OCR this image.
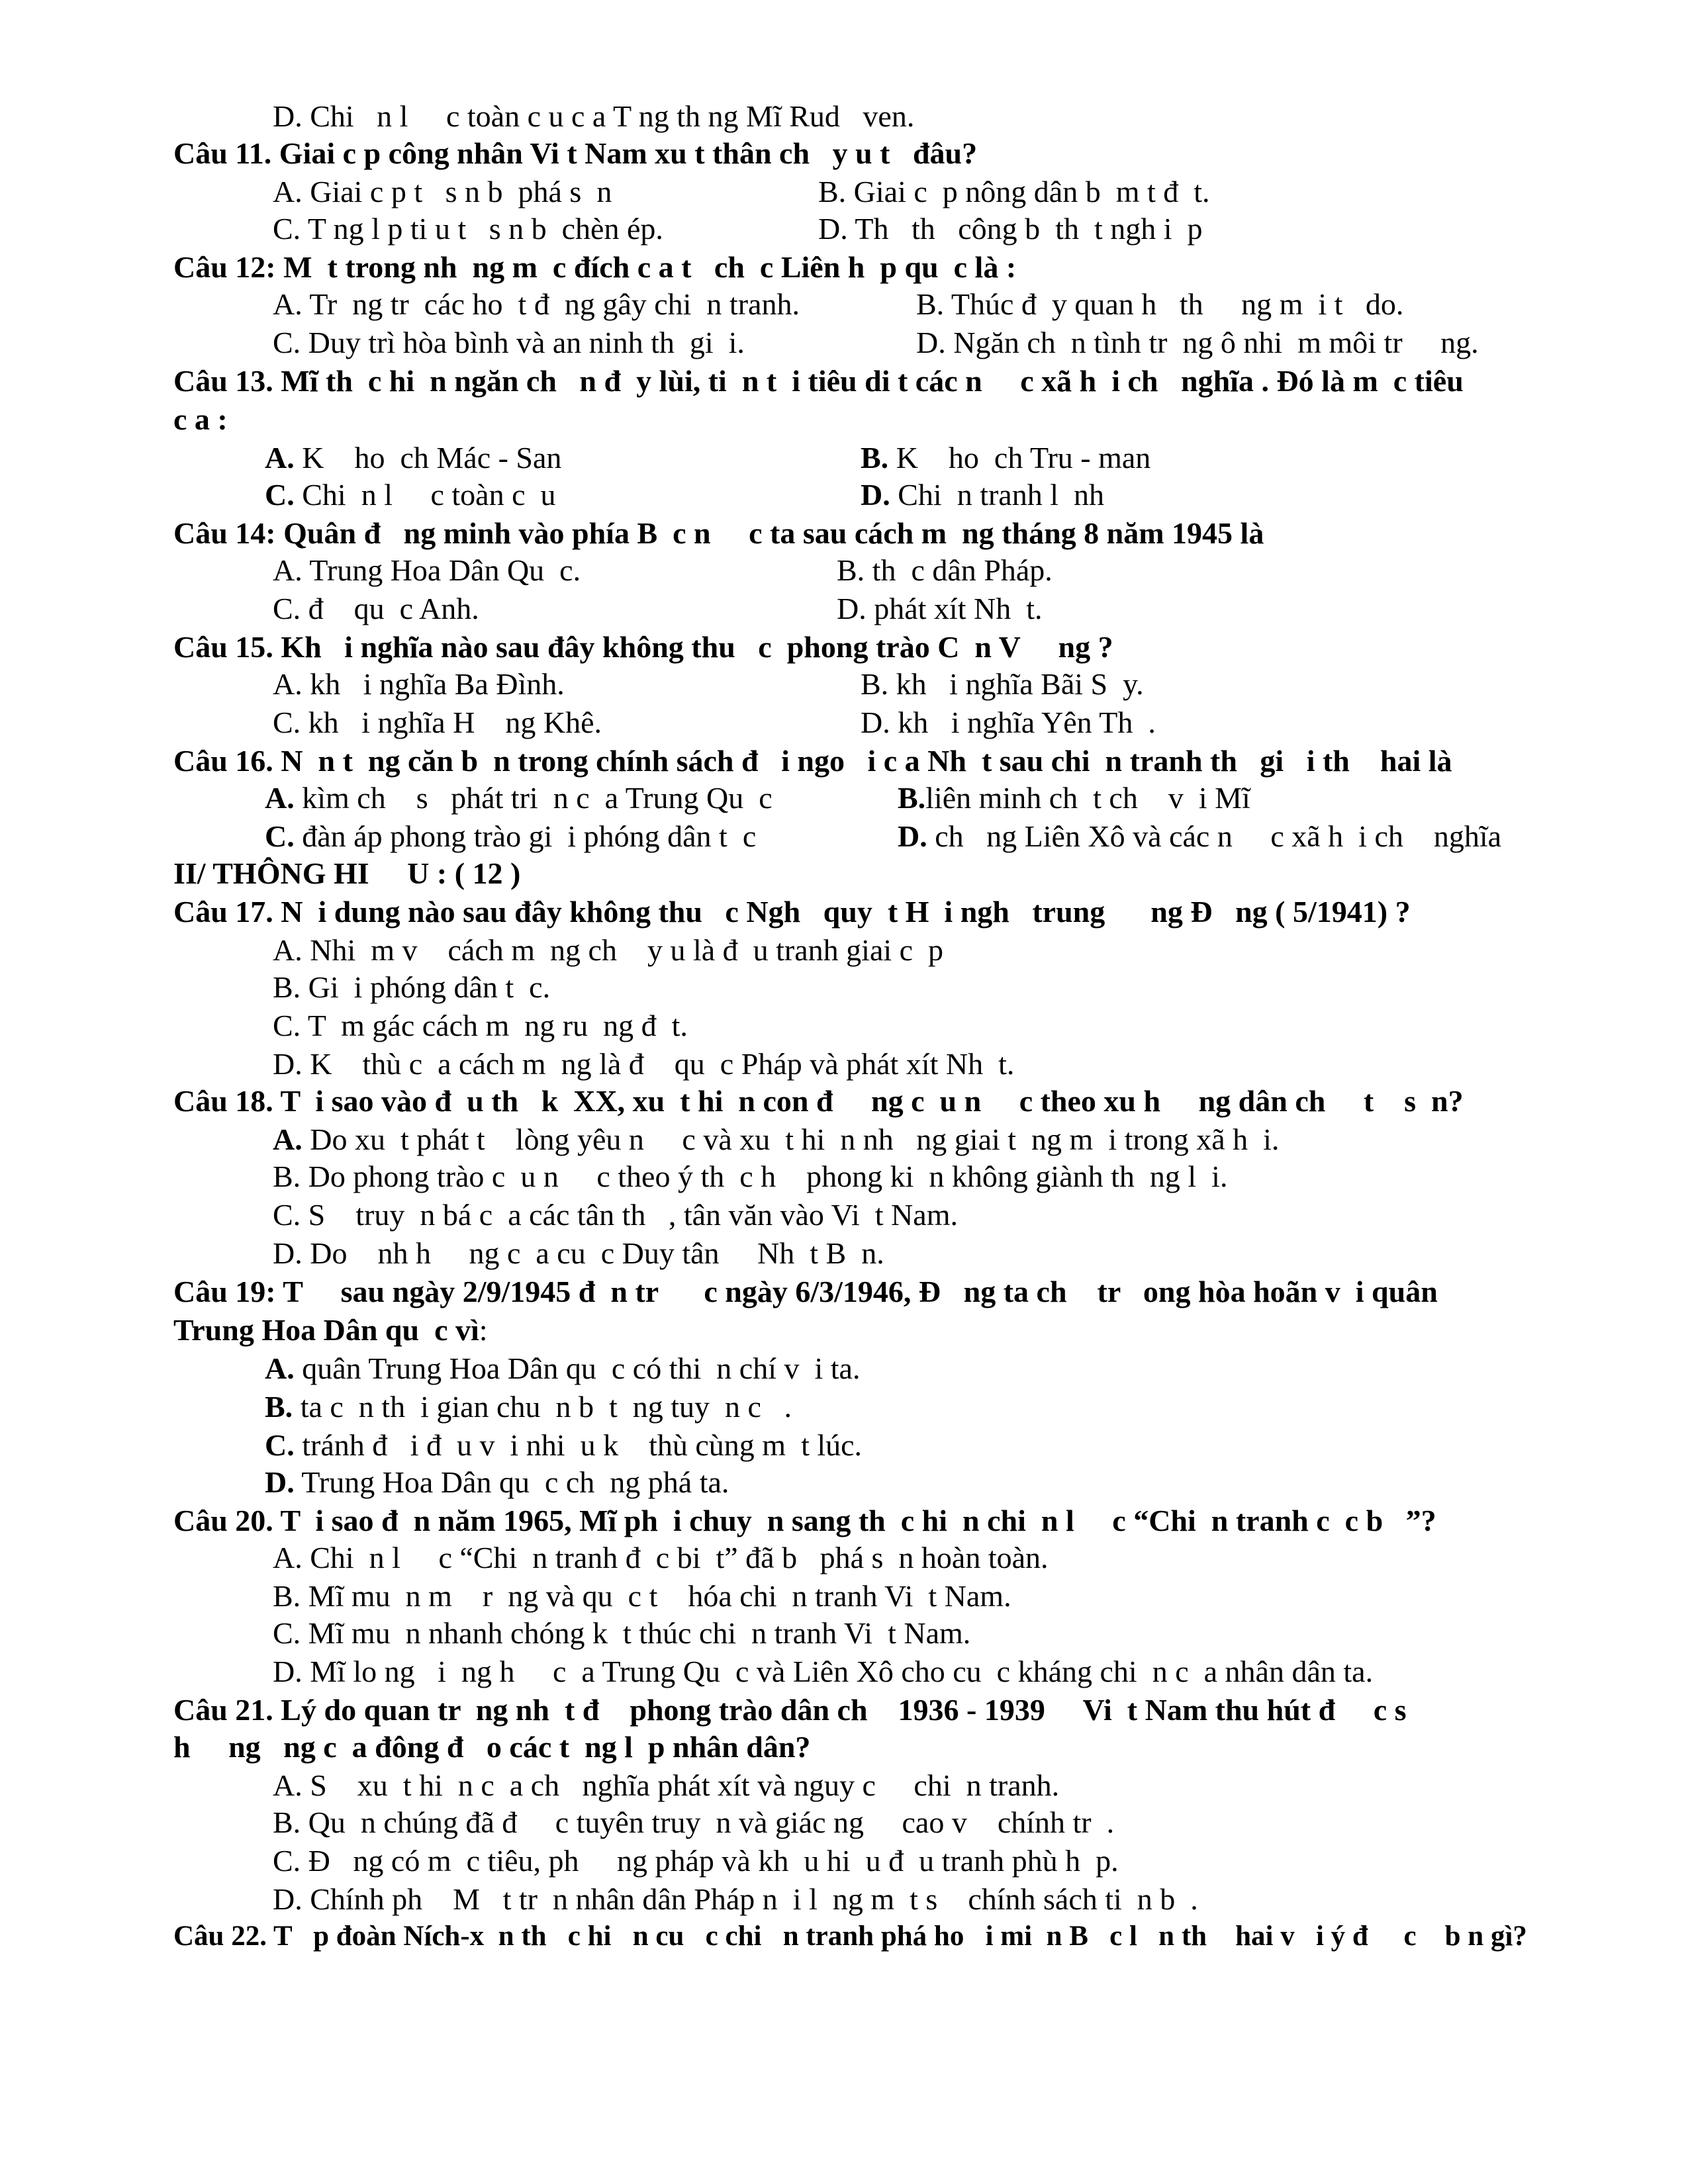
D. Chi   n l     c toàn c u c a T ng th ng Mĩ Rud   ven.
Câu 11. Giai c p công nhân Vi t Nam xu t thân ch   y u t   đâu?
A. Giai c p t   s n b  phá s  n	B. Giai c  p nông dân b  m t đ  t.
C. T ng l p ti u t   s n b  chèn ép.	D. Th   th   công b  th  t ngh i  p
Câu 12: M  t trong nh  ng m  c đích c a t   ch  c Liên h  p qu  c là :
A. Tr  ng tr  các ho  t đ  ng gây chi  n tranh.	B. Thúc đ  y quan h   th     ng m  i t   do.
C. Duy trì hòa bình và an ninh th  gi  i.	D. Ngăn ch  n tình tr  ng ô nhi  m môi tr     ng.
Câu 13. Mĩ th  c hi  n ngăn ch   n đ  y lùi, ti  n t  i tiêu di t các n     c xã h  i ch   nghĩa . Đó là m  c tiêu
c a :
A. K    ho  ch Mác - San	B. K    ho  ch Tru - man
C. Chi  n l     c toàn c  u	D. Chi  n tranh l  nh
Câu 14: Quân đ   ng minh vào phía B  c n     c ta sau cách m  ng tháng 8 năm 1945 là
A. Trung Hoa Dân Qu  c.	B. th  c dân Pháp.
C. đ    qu  c Anh.	D. phát xít Nh  t.
Câu 15. Kh   i nghĩa nào sau đây không thu   c  phong trào C  n V     ng ?
A. kh   i nghĩa Ba Đình.	B. kh   i nghĩa Bãi S  y.
C. kh   i nghĩa H    ng Khê.	D. kh   i nghĩa Yên Th  .
Câu 16. N  n t  ng căn b  n trong chính sách đ   i ngo   i c a Nh  t sau chi  n tranh th   gi   i th    hai là
A. kìm ch    s   phát tri  n c  a Trung Qu  c	B.liên minh ch  t ch    v  i Mĩ
C. đàn áp phong trào gi  i phóng dân t  c	D. ch   ng Liên Xô và các n     c xã h  i ch    nghĩa
II/ THÔNG HI     U : ( 12 )
Câu 17. N  i dung nào sau đây không thu   c Ngh   quy  t H  i ngh   trung      ng Đ   ng ( 5/1941) ?
A. Nhi  m v    cách m  ng ch    y u là đ  u tranh giai c  p
B. Gi  i phóng dân t  c.
C. T  m gác cách m  ng ru  ng đ  t.
D. K    thù c  a cách m  ng là đ    qu  c Pháp và phát xít Nh  t.
Câu 18. T  i sao vào đ  u th   k  XX, xu  t hi  n con đ     ng c  u n     c theo xu h     ng dân ch     t    s  n?
A. Do xu  t phát t    lòng yêu n     c và xu  t hi  n nh   ng giai t  ng m  i trong xã h  i.
B. Do phong trào c  u n     c theo ý th  c h    phong ki  n không giành th  ng l  i.
C. S    truy  n bá c  a các tân th   , tân văn vào Vi  t Nam.
D. Do    nh h     ng c  a cu  c Duy tân     Nh  t B  n.
Câu 19: T     sau ngày 2/9/1945 đ  n tr      c ngày 6/3/1946, Đ   ng ta ch    tr   ong hòa hoãn v  i quân
Trung Hoa Dân qu  c vì:
A. quân Trung Hoa Dân qu  c có thi  n chí v  i ta.
B. ta c  n th  i gian chu  n b  t  ng tuy  n c   .
C. tránh đ   i đ  u v  i nhi  u k    thù cùng m  t lúc.
D. Trung Hoa Dân qu  c ch  ng phá ta.
Câu 20. T  i sao đ  n năm 1965, Mĩ ph  i chuy  n sang th  c hi  n chi  n l     c “Chi  n tranh c  c b   ”?
A. Chi  n l     c “Chi  n tranh đ  c bi  t” đã b   phá s  n hoàn toàn.
B. Mĩ mu  n m    r  ng và qu  c t    hóa chi  n tranh Vi  t Nam.
C. Mĩ mu  n nhanh chóng k  t thúc chi  n tranh Vi  t Nam.
D. Mĩ lo ng   i  ng h     c  a Trung Qu  c và Liên Xô cho cu  c kháng chi  n c  a nhân dân ta.
Câu 21. Lý do quan tr  ng nh  t đ    phong trào dân ch    1936 - 1939     Vi  t Nam thu hút đ     c s
h     ng   ng c  a đông đ   o các t  ng l  p nhân dân?
A. S    xu  t hi  n c  a ch   nghĩa phát xít và nguy c     chi  n tranh.
B. Qu  n chúng đã đ     c tuyên truy  n và giác ng     cao v    chính tr  .
C. Đ   ng có m  c tiêu, ph     ng pháp và kh  u hi  u đ  u tranh phù h  p.
D. Chính ph    M   t tr  n nhân dân Pháp n  i l  ng m  t s    chính sách ti  n b  .
Câu 22. T   p đoàn Ních-x  n th   c hi   n cu   c chi   n tranh phá ho   i mi  n B   c l   n th    hai v   i ý đ     c    b n gì?
